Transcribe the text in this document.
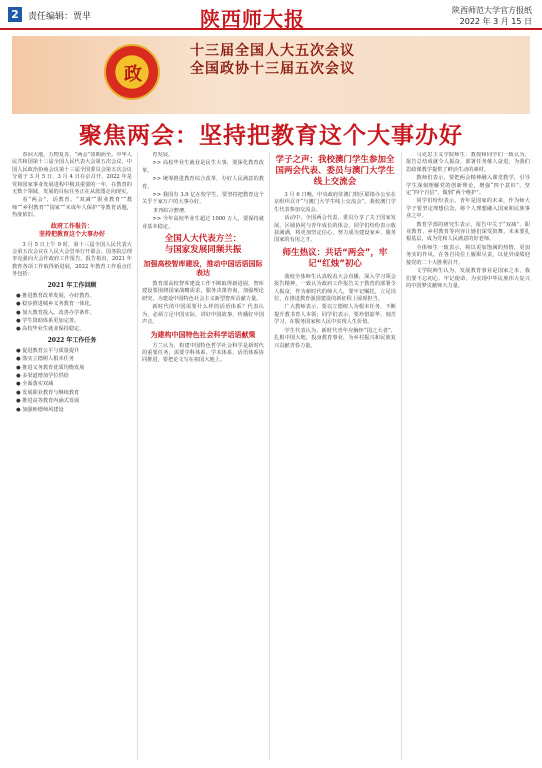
2	责任编辑：贾芈	陕西师大报	陕西师范大学官方报纸
2022 年 3 月 15 日
政
十三届全国人大五次会议
全国政协十三届五次会议
聚焦两会：坚持把教育这个大事办好

春回大地，万物复苏，“两会”如期而至。中华人民共和国第十三届全国人民代表大会第五次会议、中国人民政治协商会议第十三届全国委员会第五次会议分别于 3 月 5 日、3 月 4 日在京召开。2022 年是党和国家事业发展进程中极其重要的一年，在教育的无数个领域，发展的目标任务正在从蓝图走向现实。

看“两会”，话教育。“双减”“职业教育”“教师”“乡村教育”“国家”“未成年人保护”等教育话题，热度依旧。

政府工作报告：
坚持把教育这个大事办好

3 月 5 日上午 9 时，第十三届全国人民代表大会第五次会议在人民大会堂举行开幕会。国务院总理李克强向大会作政府工作报告。报告指出，2021 年教育各项工作取得新进展，2022 年教育工作重点任务包括：

2021 年工作回顾

● 推进教育改革发展，办好教育。

● 稳步推进城乡义务教育一体化。

● 加大教育投入，改善办学条件。

● 学生资助体系更加完善。

● 高校毕业生就业保持稳定。

2022 年工作任务

● 促进教育公平与质量提升

● 落实立德树人根本任务

● 推进义务教育优质均衡发展

● 多渠道增加学位供给

● 全面落实双减

● 发展职业教育与继续教育

● 推进高等教育内涵式发展

● 加强师德师风建设

育发展。

>> 高校毕业生就业是民生大事，要深化教育改革。

>> 统筹推进教育综合改革，办好人民满意的教育。

>> 我国有 3.9 亿在校学生，要坚持把教育这个关乎千家万户的大事办好。

本刊综合整理。

>> 今年高校毕业生超过 1000 万人，要保持就业基本稳定。

全国人大代表方兰：
与国家发展同频共振
加强高校智库建设，推动中国话语国际表达

教育部高校智库建设工作不断取得新进展，智库建设要围绕国家战略需求，服务决策咨询，加强理论研究，为建设中国特色社会主义新型智库贡献力量。

新时代的中国需要什么样的话语体系？代表认为，必须立足中国实际，讲好中国故事，传播好中国声音。

为建构中国特色社会科学话语献策

方兰认为，构建中国特色哲学社会科学是新时代的重要任务，需要学科体系、学术体系、话语体系协同推进，要把论文写在祖国大地上。

学子之声：我校澳门学生参加全国两会代表、委员与澳门大学生线上交流会

3 月 6 日晚，中央政府驻澳门特区联络办公室在京组织召开“与澳门大学生线上交流会”，我校澳门学生代表参加交流会。

活动中，全国两会代表、委员分享了关于国家发展、区域协同与青年成长的体会，同学们纷纷表示收获满满，将更加坚定信心，努力成为建设家乡、服务国家的有用之才。

师生热议：共话“两会”，牢记“红烛”初心

我校全体师生认真收看大会直播，深入学习领会报告精神，一致认为政府工作报告关于教育的部署令人振奋，作为新时代的师大人，要牢记嘱托，立足岗位，在推进教育强国建设的新征程上展现担当。

广大教师表示，要以立德树人为根本任务，不断提升教书育人本领；同学们表示，要珍惜韶华、刻苦学习，在服务国家和人民中实现人生价值。

学生代表认为，新时代青年应胸怀“国之大者”，扎根中国大地，投身教育事业，为乡村振兴和民族复兴贡献青春力量。

马克思主义学院师生：教授和同学们一致认为，报告总结成就令人振奋，部署任务催人奋进，为我们思政课教学提供了鲜活生动的素材。

教师们表示，要把两会精神融入课堂教学，引导学生深刻理解党的创新理论，增强“四个意识”、坚定“四个自信”、做到“两个维护”。

同学们纷纷表示，青年是国家的未来，作为师大学子要坚定理想信念，将个人理想融入国家和民族事业之中。

教育学部的研究生表示，报告中关于“双减”、职业教育、乡村教育等内容让她们深受鼓舞，未来要扎根基层，成为党和人民满意的好老师。

全体师生一致表示，将以更加饱满的热情，更加务实的作风，在各自岗位上履职尽责，以优异成绩迎接党的二十大胜利召开。

文学院师生认为，发展教育事业是国家之本，我们要不忘初心、牢记使命，为实现中华民族伟大复兴的中国梦贡献师大力量。
